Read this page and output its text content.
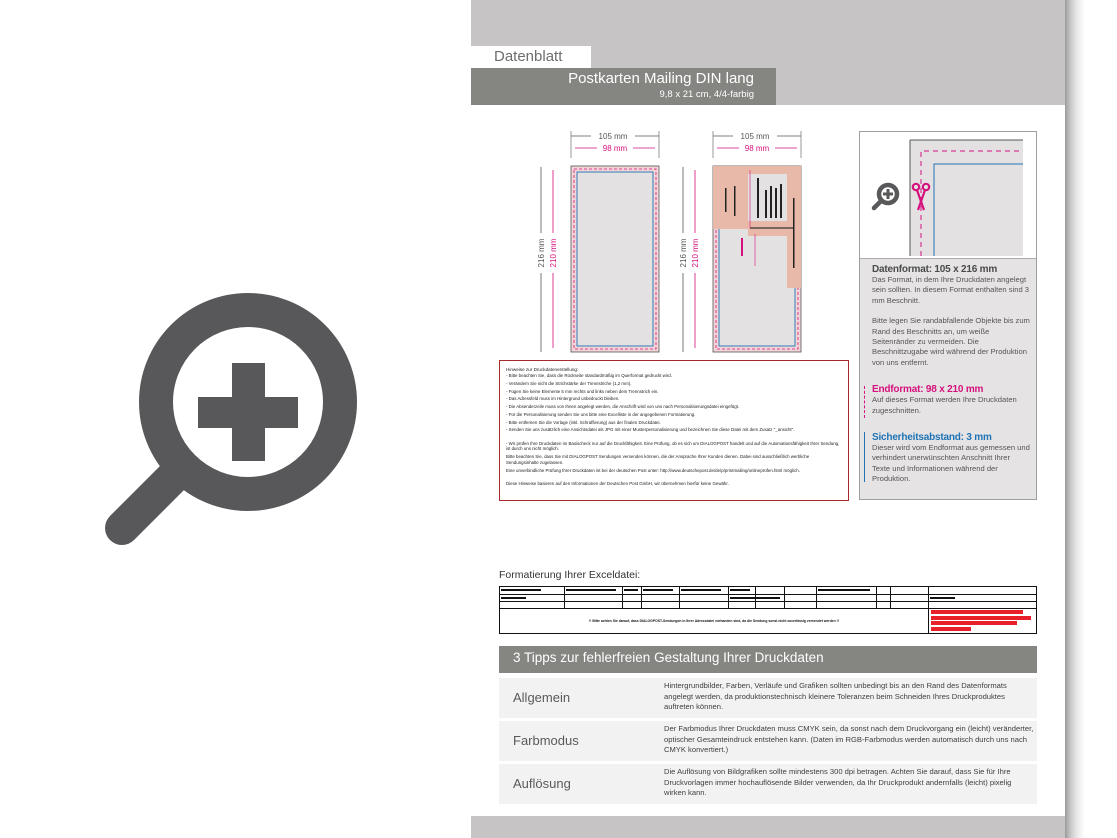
Datenblatt
Postkarten Mailing DIN lang
9,8 x 21 cm, 4/4-farbig
105 mm
98 mm
216 mm 210 mm
105 mm
98 mm
216 mm 210 mm
Datenformat: 105 x 216 mm
Das Format, in dem Ihre Druckdaten angelegt sein sollten. In diesem Format enthalten sind 3 mm Beschnitt.
Bitte legen Sie randabfallende Objekte bis zum Rand des Beschnitts an, um weiße Seitenränder zu vermeiden. Die Beschnittzugabe wird während der Produktion von uns entfernt.
Endformat: 98 x 210 mm
Auf dieses Format werden Ihre Druckdaten zugeschnitten.
Sicherheitsabstand: 3 mm
Dieser wird vom Endformat aus gemessen und verhindert unerwünschten Anschnitt Ihrer Texte und Informationen während der Produktion.
Hinweise zur Druckdatenerstellung:
- Bitte beachten Sie, dass die Rückseite standardmäßig im Querformat gedruckt wird.
- Verändern Sie nicht die Strichstärke der Trennstriche (1,2 mm).
- Fügen Sie keine Elemente 5 mm rechts und links neben dem Trennstrich ein.
- Das Adressfeld muss im Hintergrund unbedruckt bleiben.
- Die Absenderzeile muss von Ihnen angelegt werden, die Anschrift wird von uns nach Personalisierungsdatei eingefügt.
- Für die Personalisierung senden Sie uns bitte eine Excelliste in der angegebenen Formatierung.
- Bitte entfernen Sie die Vorlage (inkl. Schraffierung) aus der finalen Druckdatei.
- Senden Sie uns zusätzlich eine Ansichtsdatei als JPG mit einer Musterpersonalisierung und bezeichnen Sie diese Datei mit dem Zusatz "_ansicht".
- Wir prüfen Ihre Druckdaten im Basischeck nur auf die Druckfähigkeit. Eine Prüfung, ob es sich um DIALOGPOST handelt und auf die Automationsfähigkeit Ihrer Sendung, ist durch uns nicht möglich.
Bitte beachten Sie, dass Sie mit DIALOGPOST Sendungen versenden können, die der Ansprache Ihrer Kunden dienen. Dabei sind ausschließlich werbliche Sendungsinhalte zugelassen.
Eine unverbindliche Prüfung Ihrer Druckdaten ist bei der deutschen Post unter: http://www.deutschepost.de/de/p/printmailing/onlineprüfen.html möglich.
Diese Hinweise basieren auf den Informationen der Deutschen Post GmbH, wir übernehmen hierfür keine Gewähr.
Formatierung Ihrer Exceldatei:
!! Bitte achten Sie darauf, dass DIALOGPOST-Sendungen in Ihrer Adressdatei vorhanden sind, da die Sendung sonst nicht zuverlässig versendet werden !!
3 Tipps zur fehlerfreien Gestaltung Ihrer Druckdaten
Allgemein
Hintergrundbilder, Farben, Verläufe und Grafiken sollten unbedingt bis an den Rand des Datenformats angelegt werden, da produktionstechnisch kleinere Toleranzen beim Schneiden Ihres Druckproduktes auftreten können.
Farbmodus
Der Farbmodus Ihrer Druckdaten muss CMYK sein, da sonst nach dem Druckvorgang ein (leicht) veränderter, optischer Gesamteindruck entstehen kann. (Daten im RGB-Farbmodus werden automatisch durch uns nach CMYK konvertiert.)
Auflösung
Die Auflösung von Bildgrafiken sollte mindestens 300 dpi betragen. Achten Sie darauf, dass Sie für Ihre Druckvorlagen immer hochauflösende Bilder verwenden, da Ihr Druckprodukt andernfalls (leicht) pixelig wirken kann.
